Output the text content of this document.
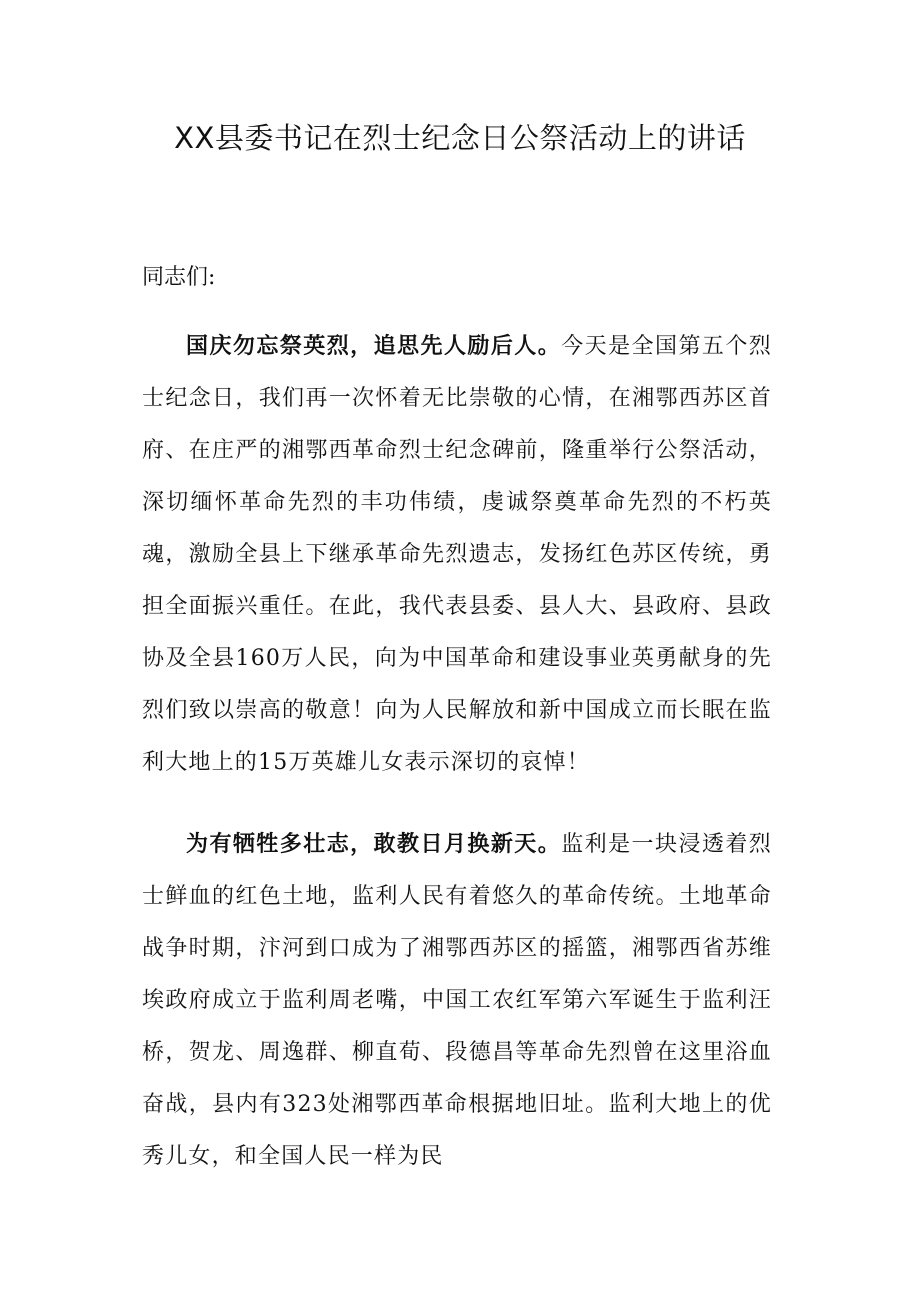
XX县委书记在烈士纪念日公祭活动上的讲话

同志们:

国庆勿忘祭英烈，追思先人励后人。今天是全国第五个烈士纪念日，我们再一次怀着无比崇敬的心情，在湘鄂西苏区首府、在庄严的湘鄂西革命烈士纪念碑前，隆重举行公祭活动，深切缅怀革命先烈的丰功伟绩，虔诚祭奠革命先烈的不朽英魂，激励全县上下继承革命先烈遗志，发扬红色苏区传统，勇担全面振兴重任。在此，我代表县委、县人大、县政府、县政协及全县160万人民，向为中国革命和建设事业英勇献身的先烈们致以崇高的敬意！向为人民解放和新中国成立而长眠在监利大地上的15万英雄儿女表示深切的哀悼！

为有牺牲多壮志，敢教日月换新天。监利是一块浸透着烈士鲜血的红色土地，监利人民有着悠久的革命传统。土地革命战争时期，汴河到口成为了湘鄂西苏区的摇篮，湘鄂西省苏维埃政府成立于监利周老嘴，中国工农红军第六军诞生于监利汪桥，贺龙、周逸群、柳直荀、段德昌等革命先烈曾在这里浴血奋战，县内有323处湘鄂西革命根据地旧址。监利大地上的优秀儿女，和全国人民一样为民
